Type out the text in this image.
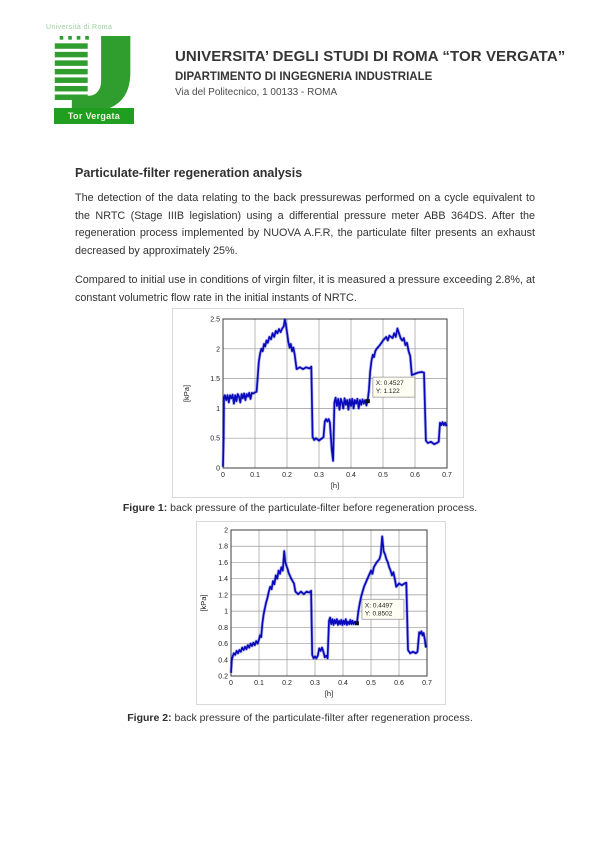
Università di Roma
Tor Vergata
UNIVERSITA’ DEGLI STUDI DI ROMA “TOR VERGATA”
DIPARTIMENTO DI INGEGNERIA INDUSTRIALE
Via del Politecnico, 1 00133 - ROMA
Particulate-filter regeneration analysis
The detection of the data relating to the back pressurewas performed on a cycle equivalent to the NRTC (Stage IIIB legislation) using a differential pressure meter ABB 364DS. After the regeneration process implemented by NUOVA A.F.R, the particulate filter presents an exhaust decreased by approximately 25%.
Compared to initial use in conditions of virgin filter, it is measured a pressure exceeding 2.8%, at constant volumetric flow rate in the initial instants of NRTC.
0	0.1	0.2	0.3	0.4	0.5	0.6	0.7
0
0.5
1
1.5
2
2.5
[h]
[kPa]
X: 0.4527
Y: 1.122
Figure 1: back pressure of the particulate-filter before regeneration process.
0	0.1	0.2	0.3	0.4	0.5	0.6	0.7
0.2
0.4
0.6
0.8
1
1.2
1.4
1.6
1.8
2
[h]
[kPa]	X: 0.4497
Y: 0.8502
Figure 2: back pressure of the particulate-filter after regeneration process.
